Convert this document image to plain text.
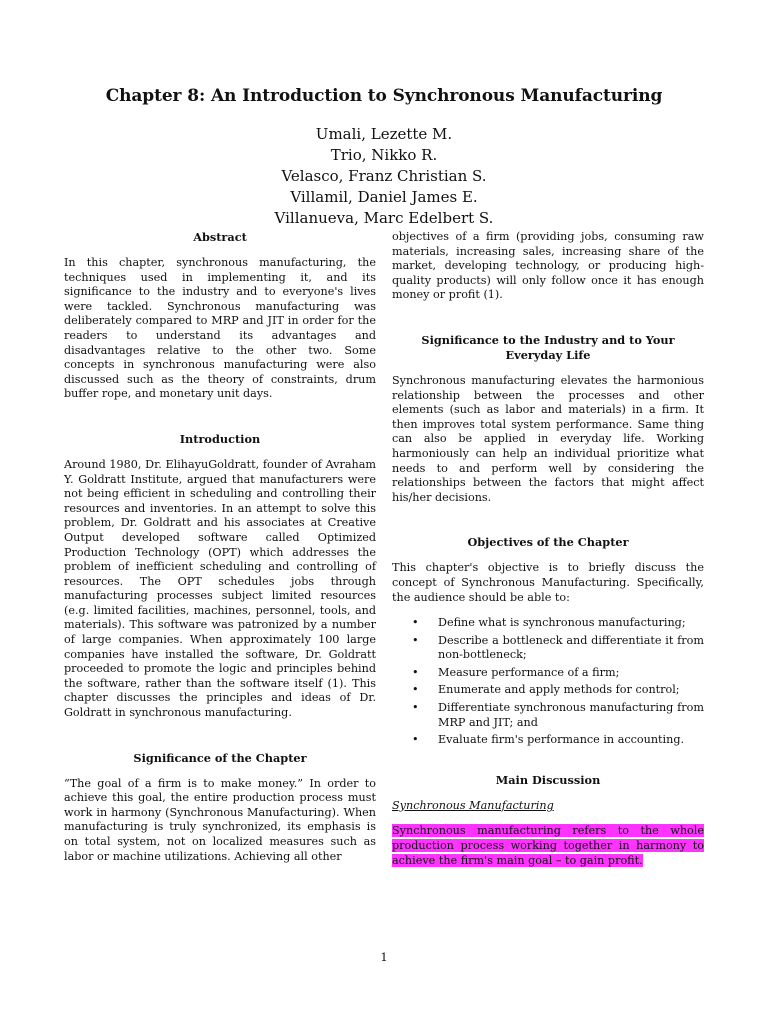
Chapter 8: An Introduction to Synchronous Manufacturing
Umali, Lezette M.
Trio, Nikko R.
Velasco, Franz Christian S.
Villamil, Daniel James E.
Villanueva, Marc Edelbert S.
Abstract

In this chapter, synchronous manufacturing, the techniques used in implementing it, and its significance to the industry and to everyone's lives were tackled. Synchronous manufacturing was deliberately compared to MRP and JIT in order for the readers to understand its advantages and disadvantages relative to the other two. Some concepts in synchronous manufacturing were also discussed such as the theory of constraints, drum buffer rope, and monetary unit days.

Introduction

Around 1980, Dr. ElihayuGoldratt, founder of Avraham Y. Goldratt Institute, argued that manufacturers were not being efficient in scheduling and controlling their resources and inventories. In an attempt to solve this problem, Dr. Goldratt and his associates at Creative Output developed software called Optimized Production Technology (OPT) which addresses the problem of inefficient scheduling and controlling of resources. The OPT schedules jobs through manufacturing processes subject limited resources (e.g. limited facilities, machines, personnel, tools, and materials). This software was patronized by a number of large companies. When approximately 100 large companies have installed the software, Dr. Goldratt proceeded to promote the logic and principles behind the software, rather than the software itself (1). This chapter discusses the principles and ideas of Dr. Goldratt in synchronous manufacturing.

Significance of the Chapter

“The goal of a firm is to make money.” In order to achieve this goal, the entire production process must work in harmony (Synchronous Manufacturing). When manufacturing is truly synchronized, its emphasis is on total system, not on localized measures such as labor or machine utilizations. Achieving all other

objectives of a firm (providing jobs, consuming raw materials, increasing sales, increasing share of the market, developing technology, or producing high-quality products) will only follow once it has enough money or profit (1).

Significance to the Industry and to Your Everyday Life

Synchronous manufacturing elevates the harmonious relationship between the processes and other elements (such as labor and materials) in a firm. It then improves total system performance. Same thing can also be applied in everyday life. Working harmoniously can help an individual prioritize what needs to and perform well by considering the relationships between the factors that might affect his/her decisions.

Objectives of the Chapter

This chapter's objective is to briefly discuss the concept of Synchronous Manufacturing. Specifically, the audience should be able to:

• Define what is synchronous manufacturing;
• Describe a bottleneck and differentiate it from non-bottleneck;
• Measure performance of a firm;
• Enumerate and apply methods for control;
• Differentiate synchronous manufacturing from MRP and JIT; and
• Evaluate firm's performance in accounting.
Main Discussion

Synchronous Manufacturing

Synchronous manufacturing refers to the whole production process working together in harmony to achieve the firm's main goal – to gain profit.

1
